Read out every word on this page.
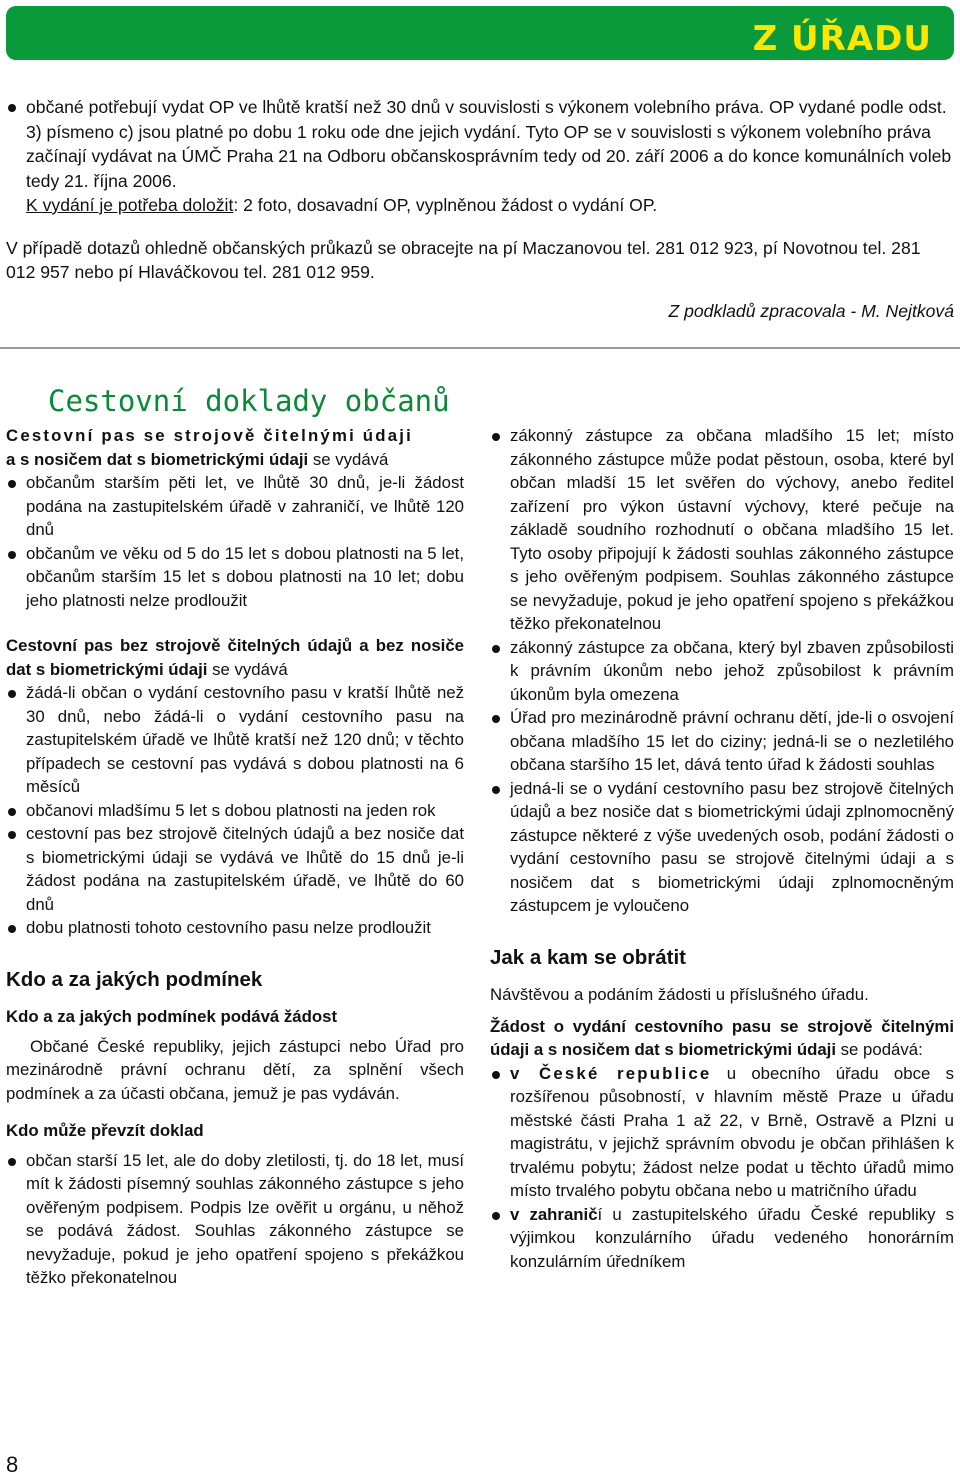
Z ÚŘADU
občané potřebují vydat OP ve lhůtě kratší než 30 dnů v souvislosti s výkonem volebního práva. OP vydané podle odst. 3) písmeno c) jsou platné po dobu 1 roku ode dne jejich vydání. Tyto OP se v souvislosti s výkonem volebního práva začínají vydávat na ÚMČ Praha 21 na Odboru občanskosprávním tedy od 20. září 2006 a do konce komunálních voleb tedy 21. října 2006.
K vydání je potřeba doložit: 2 foto, dosavadní OP, vyplněnou žádost o vydání OP.
V případě dotazů ohledně občanských průkazů se obracejte na pí Maczanovou tel. 281 012 923, pí Novotnou tel. 281 012 957 nebo pí Hlaváčkovou tel. 281 012 959.
Z podkladů zpracovala - M. Nejtková
Cestovní doklady občanů
Cestovní pas se strojově čitelnými údaji
a s nosičem dat s biometrickými údaji se vydává
občanům starším pěti let, ve lhůtě 30 dnů, je-li žádost podána na zastupitelském úřadě v zahraničí, ve lhůtě 120 dnů
občanům ve věku od 5 do 15 let s dobou platnosti na 5 let, občanům starším 15 let s dobou platnosti na 10 let; dobu jeho platnosti nelze prodloužit
Cestovní pas bez strojově čitelných údajů a bez nosiče dat s biometrickými údaji se vydává
žádá-li občan o vydání cestovního pasu v kratší lhůtě než 30 dnů, nebo žádá-li o vydání cestovního pasu na zastupitelském úřadě ve lhůtě kratší než 120 dnů; v těchto případech se cestovní pas vydává s dobou platnosti na 6 měsíců
občanovi mladšímu 5 let s dobou platnosti na jeden rok
cestovní pas bez strojově čitelných údajů a bez nosiče dat s biometrickými údaji se vydává ve lhůtě do 15 dnů je-li žádost podána na zastupitelském úřadě, ve lhůtě do 60 dnů
dobu platnosti tohoto cestovního pasu nelze prodloužit
Kdo a za jakých podmínek
Kdo a za jakých podmínek podává žádost
Občané České republiky, jejich zástupci nebo Úřad pro mezinárodně právní ochranu dětí, za splnění všech podmínek a za účasti občana, jemuž je pas vydáván.
Kdo může převzít doklad
občan starší 15 let, ale do doby zletilosti, tj. do 18 let, musí mít k žádosti písemný souhlas zákonného zástupce s jeho ověřeným podpisem. Podpis lze ověřit u orgánu, u něhož se podává žádost. Souhlas zákonného zástupce se nevyžaduje, pokud je jeho opatření spojeno s překážkou těžko překonatelnou
zákonný zástupce za občana mladšího 15 let; místo zákonného zástupce může podat pěstoun, osoba, které byl občan mladší 15 let svěřen do výchovy, anebo ředitel zařízení pro výkon ústavní výchovy, které pečuje na základě soudního rozhodnutí o občana mladšího 15 let. Tyto osoby připojují k žádosti souhlas zákonného zástupce s jeho ověřeným podpisem. Souhlas zákonného zástupce se nevyžaduje, pokud je jeho opatření spojeno s překážkou těžko překonatelnou
zákonný zástupce za občana, který byl zbaven způsobilosti k právním úkonům nebo jehož způsobilost k právním úkonům byla omezena
Úřad pro mezinárodně právní ochranu dětí, jde-li o osvojení občana mladšího 15 let do ciziny; jedná-li se o nezletilého občana staršího 15 let, dává tento úřad k žádosti souhlas
jedná-li se o vydání cestovního pasu bez strojově čitelných údajů a bez nosiče dat s biometrickými údaji zplnomocněný zástupce některé z výše uvedených osob, podání žádosti o vydání cestovního pasu se strojově čitelnými údaji a s nosičem dat s biometrickými údaji zplnomocněným zástupcem je vyloučeno
Jak a kam se obrátit
Návštěvou a podáním žádosti u příslušného úřadu.
Žádost o vydání cestovního pasu se strojově čitelnými údaji a s nosičem dat s biometrickými údaji se podává:
v České republice u obecního úřadu obce s rozšířenou působností, v hlavním městě Praze u úřadu městské části Praha 1 až 22, v Brně, Ostravě a Plzni u magistrátu, v jejichž správním obvodu je občan přihlášen k trvalému pobytu; žádost nelze podat u těchto úřadů mimo místo trvalého pobytu občana nebo u matričního úřadu
v zahraničí u zastupitelského úřadu České republiky s výjimkou konzulárního úřadu vedeného honorárním konzulárním úředníkem
8
